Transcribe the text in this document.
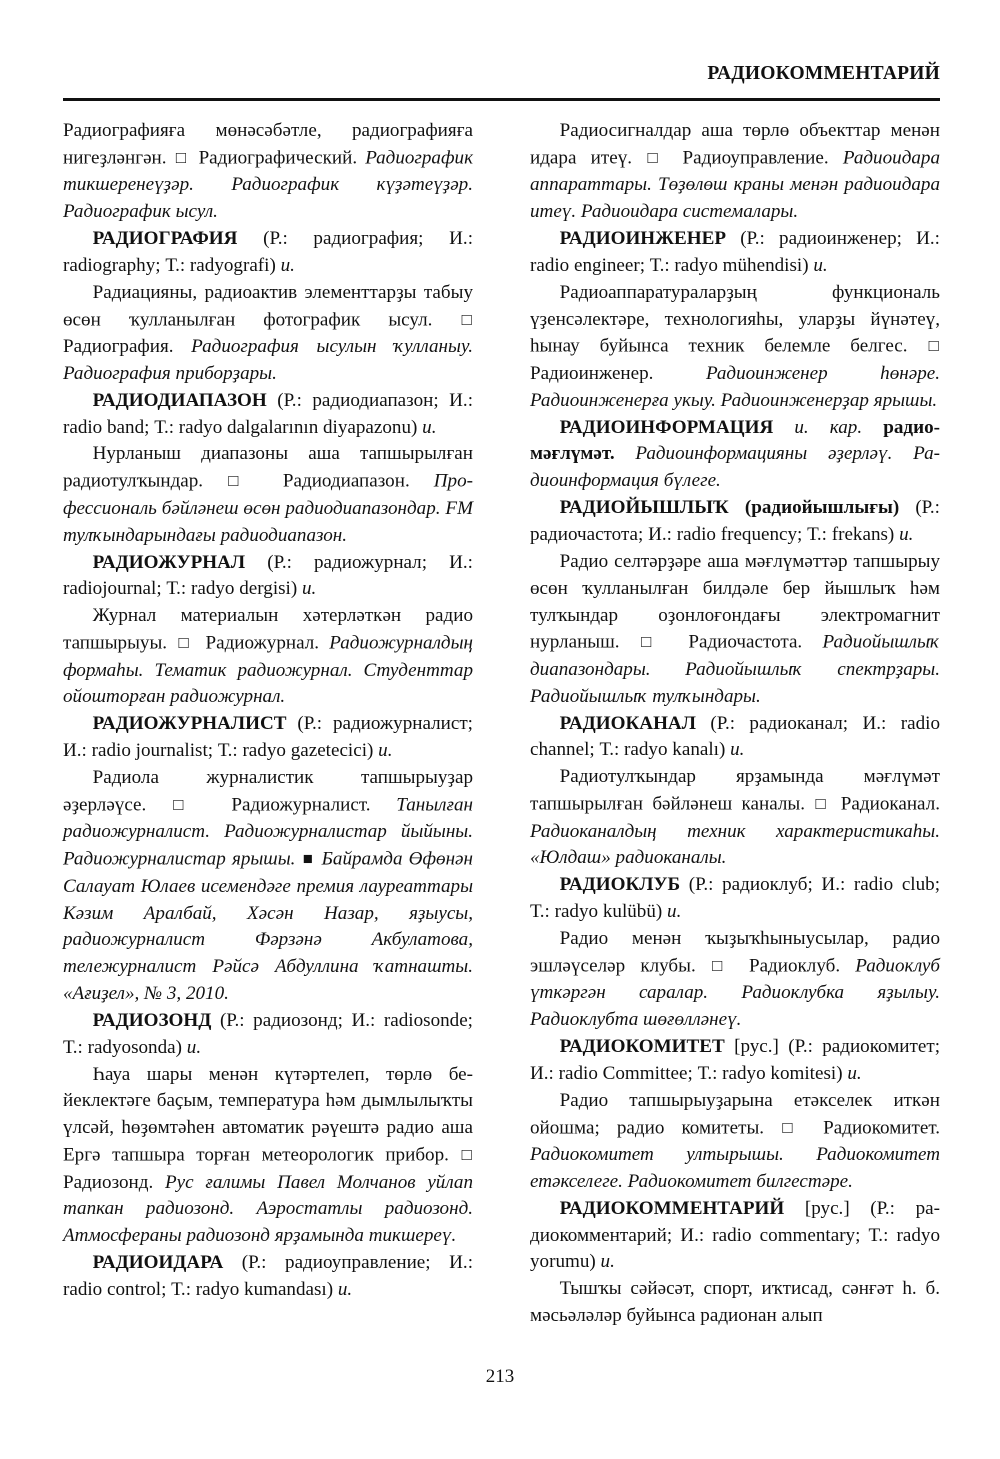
РАДИОКОММЕНТАРИЙ

Радиографияға мөнәсәбәтле, радиографияға нигеҙләнгән. □ Радиографический. Радиографик тикшеренеүҙәр. Радиографик күҙәтеүҙәр. Радиографик ысул.

РАДИОГРАФИЯ (Р.: радиография; И.: radiography; Т.: radyografi) и.

Радиацияны, радиоактив элементтарҙы табыу өсөн ҡулланылған фотографик ысул. □ Радиография. Радиография ысулын ҡулланыу. Радиография приборҙары.

РАДИОДИАПАЗОН (Р.: радиодиапазон; И.: radio band; Т.: radyo dalgalarının diyapazonu) и.

Нурланыш диапазоны аша тапшырылған радиотулҡындар. □ Радиодиапазон. Профессиональ бәйләнеш өсөн радиодиапазондар. FM тулҡындарындағы радиодиапазон.

РАДИОЖУРНАЛ (Р.: радиожурнал; И.: radiojournal; Т.: radyo dergisi) и.

Журнал материалын хәтерләткән радио тапшырыуы. □ Радиожурнал. Радиожурналдың формаһы. Тематик радиожурнал. Студенттар ойошторған радиожурнал.

РАДИОЖУРНАЛИСТ (Р.: радиожурналист; И.: radio journalist; Т.: radyo gazetecici) и.

Радиола журналистик тапшырыуҙар әҙерләүсе. □ Радиожурналист. Танылған радиожурналист. Радиожурналистар йыйыны. Радиожурналистар ярышы. ■ Байрамда Өфөнән Салауат Юлаев исемендәге премия лауреаттары Кәзим Аралбай, Хәсән Назар, яҙыусы, радиожурналист Фәрзәнә Акбулатова, тележурналист Рәйсә Абдуллина ҡатнашты. «Ағиҙел», № 3, 2010.

РАДИОЗОНД (Р.: радиозонд; И.: radiosonde; Т.: radyosonda) и.

Һауа шары менән күтәртелеп, төрлө бейеклектәге баҫым, температура һәм дымлылыҡты үлсәй, һөҙөмтәһен автоматик рәүештә радио аша Ергә тапшыра торған метеорологик прибор. □ Радиозонд. Рус ғалимы Павел Молчанов уйлап тапкан радиозонд. Аэростатлы радиозонд. Атмосфераны радиозонд ярҙамында тикшереү.

РАДИОИДАРА (Р.: радиоуправление; И.: radio control; Т.: radyo kumandası) и.

Радиосигналдар аша төрлө объекттар менән идара итеү. □ Радиоуправление. Радиоидара аппараттары. Төҙөлөш краны менән радиоидара итеү. Радиоидара системалары.

РАДИОИНЖЕНЕР (Р.: радиоинженер; И.: radio engineer; Т.: radyo mühendisi) и.

Радиоаппаратураларҙың функциональ үҙенсәлектәре, технологияһы, уларҙы йүнәтеү, һынау буйынса техник белемле белгес. □ Радиоинженер. Радиоинженер һөнәре. Радиоинженерға укыу. Радиоинженерҙар ярышы.

РАДИОИНФОРМАЦИЯ и. кар. радиомәғлүмәт. Радиоинформацияны әҙерләү. Радиоинформация бүлеге.

РАДИОЙЫШЛЫҠ (радиойышлығы) (Р.: радиочастота; И.: radio frequency; Т.: frekans) и.

Радио селтәрҙәре аша мәғлүмәттәр тапшырыу өсөн ҡулланылған билдәле бер йышлыҡ һәм тулҡындар оҙонлоғондағы электромагнит нурланыш. □ Радиочастота. Радиойышлыҡ диапазондары. Радиойышлыҡ спектрҙары. Радиойышлыҡ тулҡындары.

РАДИОКАНАЛ (Р.: радиоканал; И.: radio channel; Т.: radyo kanalı) и.

Радиотулҡындар ярҙамында мәғлүмәт тапшырылған бәйләнеш каналы. □ Радиоканал. Радиоканалдың техник характеристикаһы. «Юлдаш» радиоканалы.

РАДИОКЛУБ (Р.: радиоклуб; И.: radio club; Т.: radyo kulübü) и.

Радио менән ҡыҙыҡһыныусылар, радио эшләүселәр клубы. □ Радиоклуб. Радиоклуб үткәргән саралар. Радиоклубка яҙылыу. Радиоклубта шөғөлләнеү.

РАДИОКОМИТЕТ [рус.] (Р.: радиокомитет; И.: radio Committee; Т.: radyo komitesi) и.

Радио тапшырыуҙарына етәкселек иткән ойошма; радио комитеты. □ Радиокомитет. Радиокомитет ултырышы. Радиокомитет етәкселеге. Радиокомитет билгестәре.

РАДИОКОММЕНТАРИЙ [рус.] (Р.: радиокомментарий; И.: radio commentary; Т.: radyo yorumu) и.

Тышҡы сәйәсәт, спорт, иҡтисад, сәнғәт һ. б. мәсьәләләр буйынса радионан алып

213
